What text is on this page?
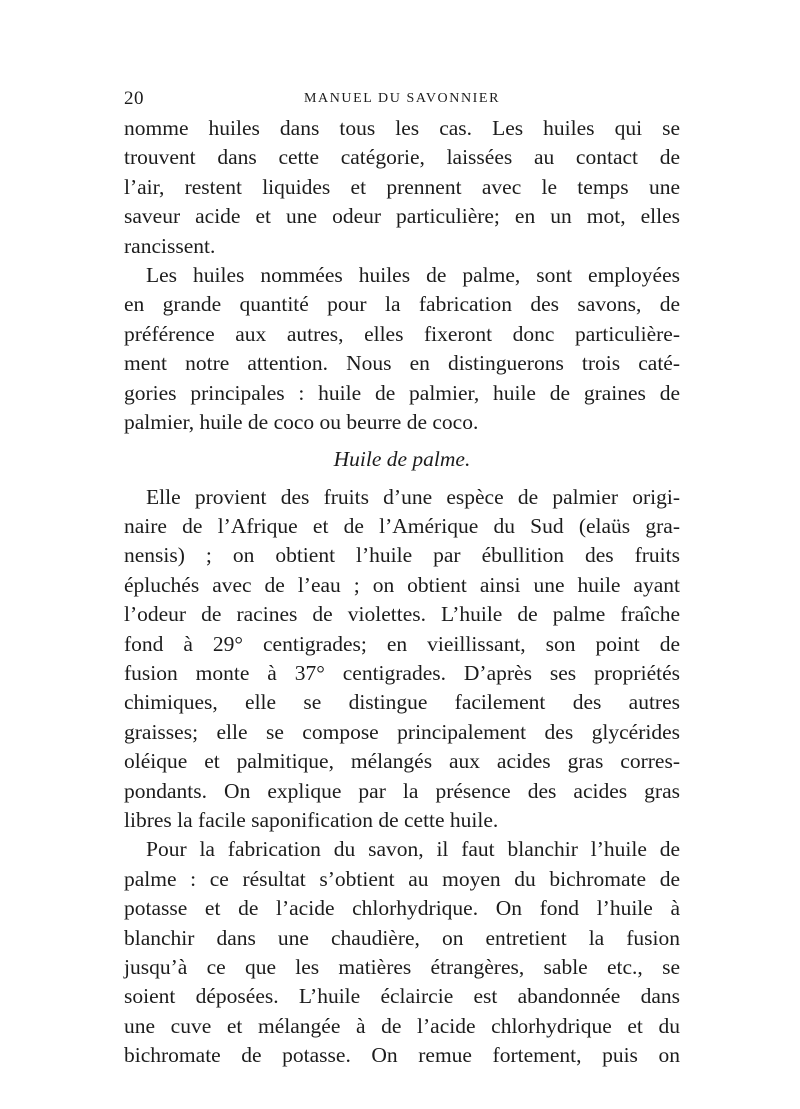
20	MANUEL DU SAVONNIER
nomme huiles dans tous les cas. Les huiles qui se
trouvent dans cette catégorie, laissées au contact de
l’air, restent liquides et prennent avec le temps une
saveur acide et une odeur particulière; en un mot, elles
rancissent.
Les huiles nommées huiles de palme, sont employées
en grande quantité pour la fabrication des savons, de
préférence aux autres, elles fixeront donc particulière-
ment notre attention. Nous en distinguerons trois caté-
gories principales : huile de palmier, huile de graines de
palmier, huile de coco ou beurre de coco.
Huile de palme.
Elle provient des fruits d’une espèce de palmier origi-
naire de l’Afrique et de l’Amérique du Sud (elaüs gra-
nensis) ; on obtient l’huile par ébullition des fruits
épluchés avec de l’eau ; on obtient ainsi une huile ayant
l’odeur de racines de violettes. L’huile de palme fraîche
fond à 29° centigrades; en vieillissant, son point de
fusion monte à 37° centigrades. D’après ses propriétés
chimiques, elle se distingue facilement des autres
graisses; elle se compose principalement des glycérides
oléique et palmitique, mélangés aux acides gras corres-
pondants. On explique par la présence des acides gras
libres la facile saponification de cette huile.
Pour la fabrication du savon, il faut blanchir l’huile de
palme : ce résultat s’obtient au moyen du bichromate de
potasse et de l’acide chlorhydrique. On fond l’huile à
blanchir dans une chaudière, on entretient la fusion
jusqu’à ce que les matières étrangères, sable etc., se
soient déposées. L’huile éclaircie est abandonnée dans
une cuve et mélangée à de l’acide chlorhydrique et du
bichromate de potasse. On remue fortement, puis on
